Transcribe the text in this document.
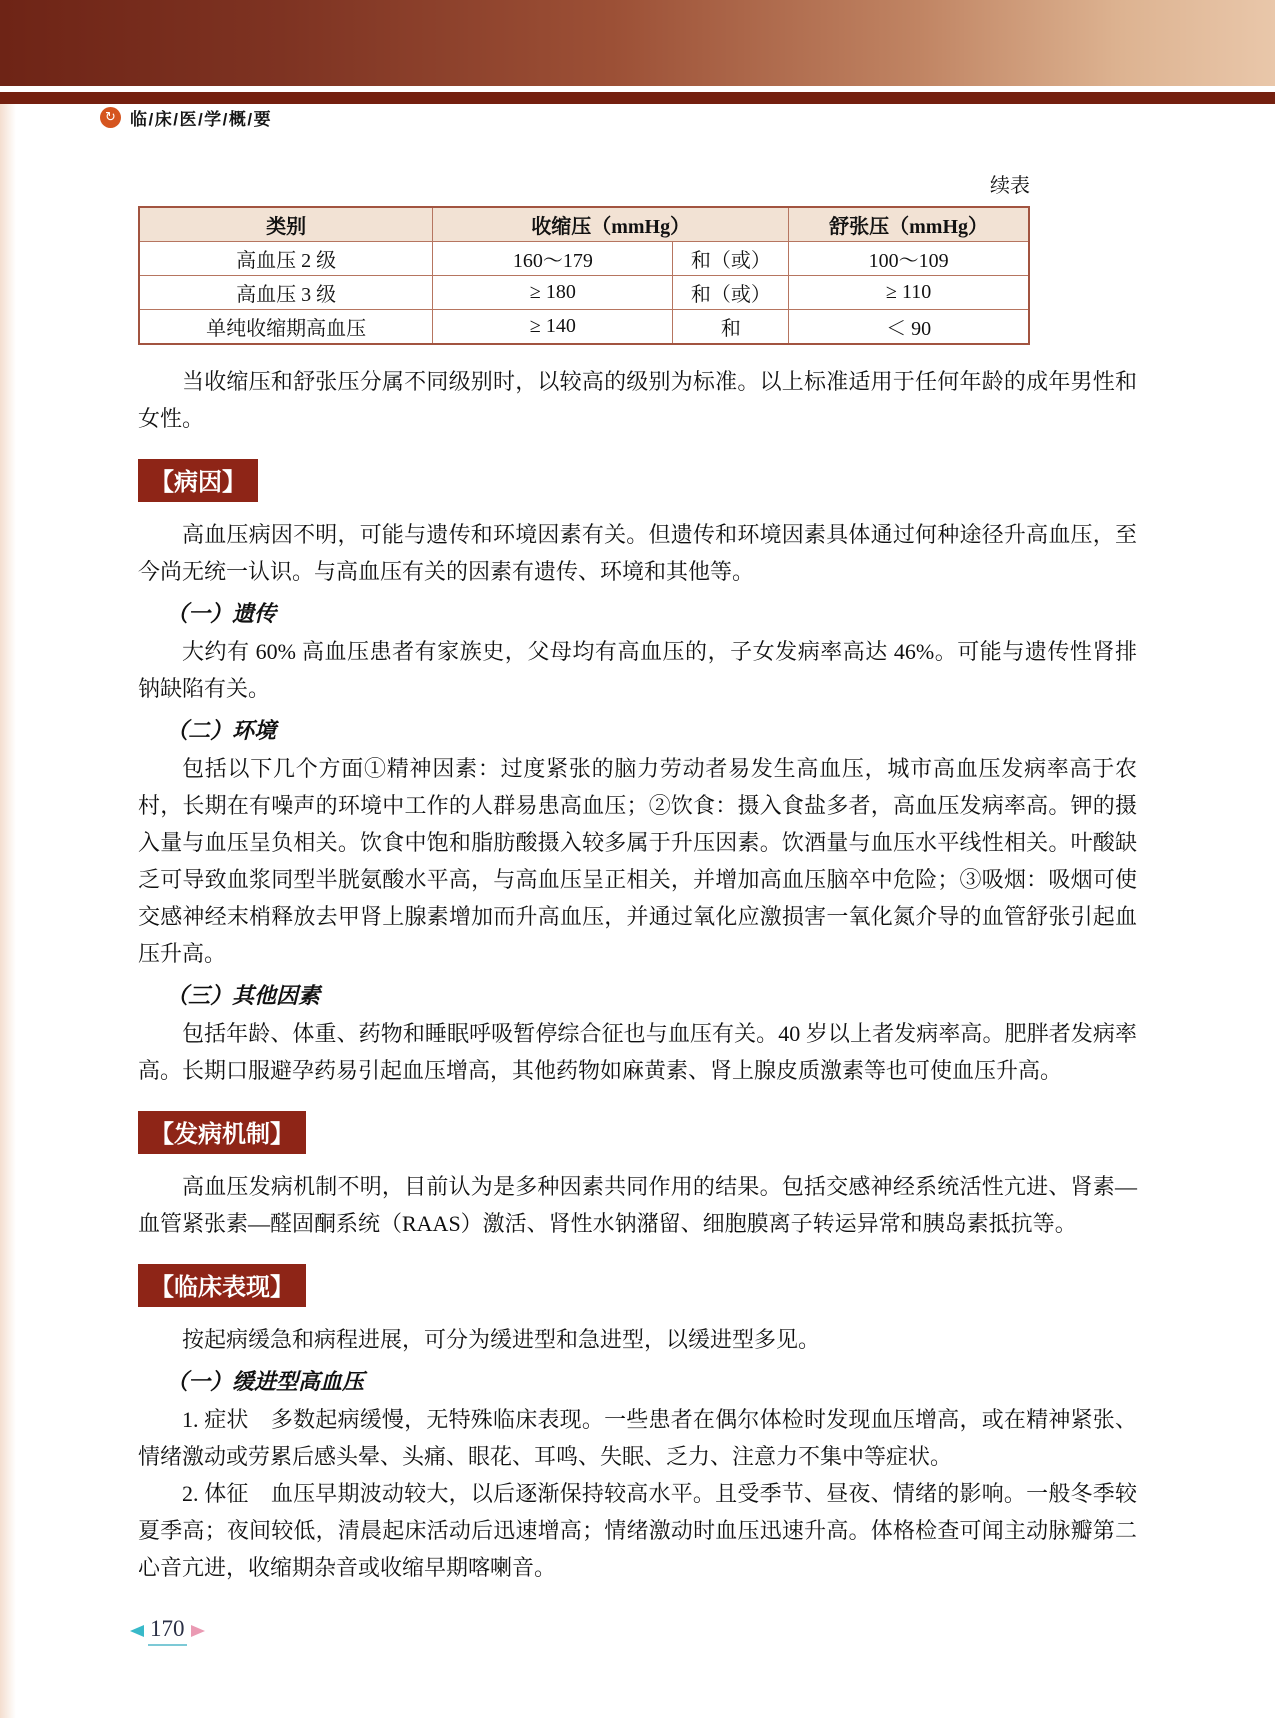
↻ 临/床/医/学/概/要
续表
类别	收缩压（mmHg）		舒张压（mmHg）
高血压 2 级	160～179	和（或）	100～109
高血压 3 级	≥ 180	和（或）	≥ 110
单纯收缩期高血压	≥ 140	和	＜ 90

当收缩压和舒张压分属不同级别时，以较高的级别为标准。以上标准适用于任何年龄的成年男性和女性。

【病因】

高血压病因不明，可能与遗传和环境因素有关。但遗传和环境因素具体通过何种途径升高血压，至今尚无统一认识。与高血压有关的因素有遗传、环境和其他等。

（一）遗传

大约有 60% 高血压患者有家族史，父母均有高血压的，子女发病率高达 46%。可能与遗传性肾排钠缺陷有关。

（二）环境

包括以下几个方面①精神因素：过度紧张的脑力劳动者易发生高血压，城市高血压发病率高于农村，长期在有噪声的环境中工作的人群易患高血压；②饮食：摄入食盐多者，高血压发病率高。钾的摄入量与血压呈负相关。饮食中饱和脂肪酸摄入较多属于升压因素。饮酒量与血压水平线性相关。叶酸缺乏可导致血浆同型半胱氨酸水平高，与高血压呈正相关，并增加高血压脑卒中危险；③吸烟：吸烟可使交感神经末梢释放去甲肾上腺素增加而升高血压，并通过氧化应激损害一氧化氮介导的血管舒张引起血压升高。

（三）其他因素

包括年龄、体重、药物和睡眠呼吸暂停综合征也与血压有关。40 岁以上者发病率高。肥胖者发病率高。长期口服避孕药易引起血压增高，其他药物如麻黄素、肾上腺皮质激素等也可使血压升高。

【发病机制】

高血压发病机制不明，目前认为是多种因素共同作用的结果。包括交感神经系统活性亢进、肾素—血管紧张素—醛固酮系统（RAAS）激活、肾性水钠潴留、细胞膜离子转运异常和胰岛素抵抗等。

【临床表现】

按起病缓急和病程进展，可分为缓进型和急进型，以缓进型多见。

（一）缓进型高血压

1. 症状　多数起病缓慢，无特殊临床表现。一些患者在偶尔体检时发现血压增高，或在精神紧张、情绪激动或劳累后感头晕、头痛、眼花、耳鸣、失眠、乏力、注意力不集中等症状。

2. 体征　血压早期波动较大，以后逐渐保持较高水平。且受季节、昼夜、情绪的影响。一般冬季较夏季高；夜间较低，清晨起床活动后迅速增高；情绪激动时血压迅速升高。体格检查可闻主动脉瓣第二心音亢进，收缩期杂音或收缩早期喀喇音。

170
